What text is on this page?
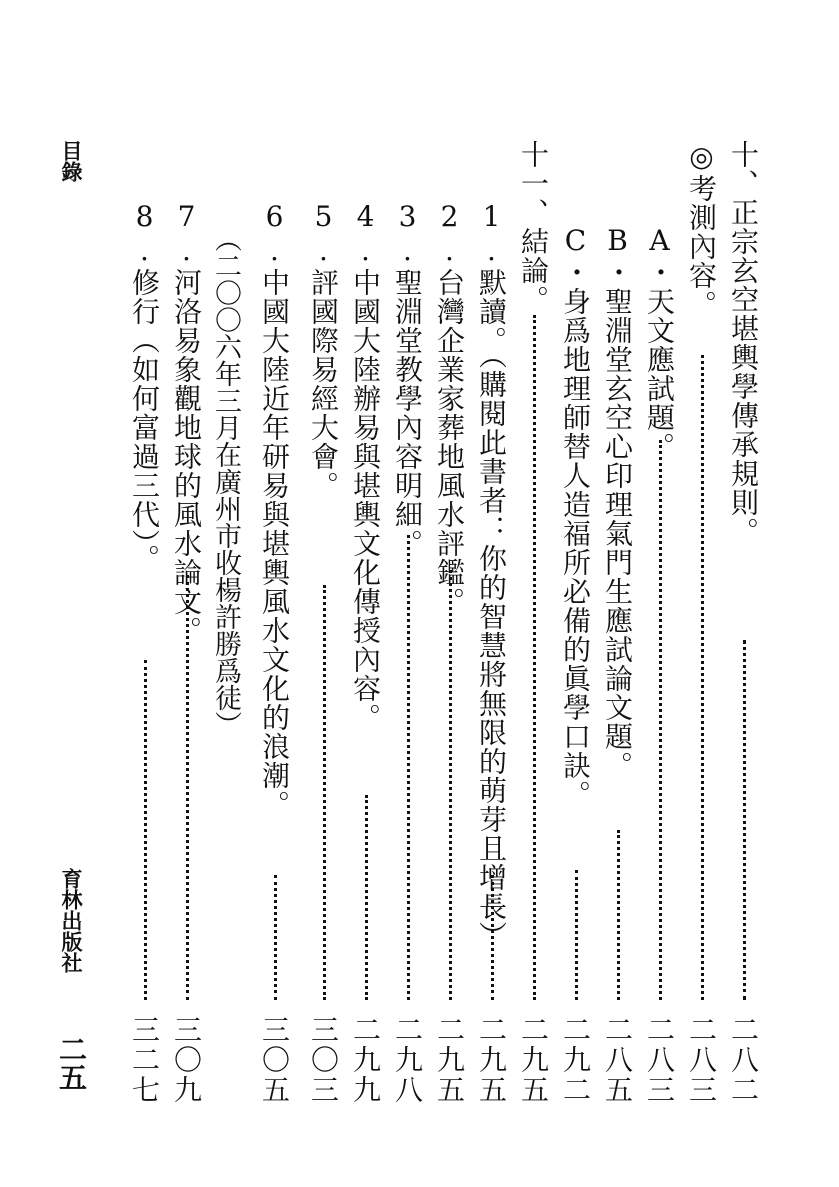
目錄	十、正宗玄空堪輿學傳承規則。
二八二
◎考測內容。
二八三
A・天文應試題。
二八三
B・聖淵堂玄空心印理氣門生應試論文題。
二八五
C・身爲地理師替人造福所必備的眞學口訣。
二九二
十一、結論。
二九五
1.默讀。（購閱此書者：你的智慧將無限的萌芽且增長）
二九五
2.台灣企業家葬地風水評鑑。
二九五
3.聖淵堂教學內容明細。
二九八
4.中國大陸辦易與堪輿文化傳授內容。
二九九
5.評國際易經大會。
三〇三
6.中國大陸近年研易與堪輿風水文化的浪潮。
三〇五
（二〇〇六年三月在廣州市收楊許勝爲徒）
7.河洛易象觀地球的風水論文。
三〇九
8.修行（如何富過三代）。
三二七
育林出版社
二五
